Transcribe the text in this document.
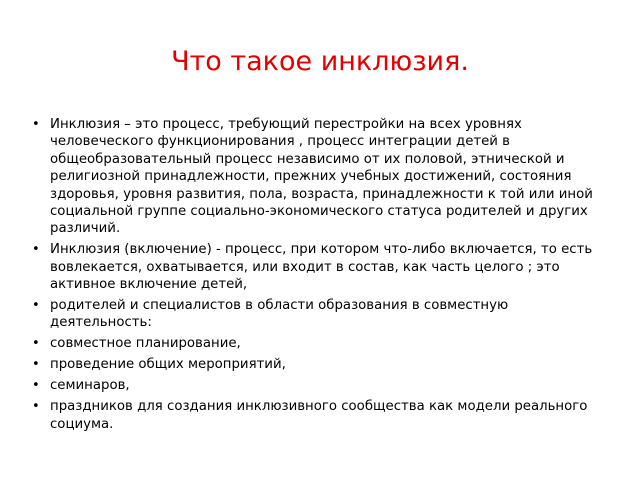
Что такое инклюзия.
• Инклюзия – это процесс, требующий перестройки на всех уровнях человеческого функционирования , процесс интеграции детей в общеобразовательный процесс независимо от их половой, этнической и религиозной принадлежности, прежних учебных достижений, состояния здоровья, уровня развития, пола, возраста, принадлежности к той или иной социальной группе социально-экономического статуса родителей и других различий.
• Инклюзия (включение) - процесс, при котором что-либо включается, то есть вовлекается, охватывается, или входит в состав, как часть целого ; это активное включение детей,
• родителей и специалистов в области образования в совместную деятельность:
• совместное планирование,
• проведение общих мероприятий,
• семинаров,
• праздников для создания инклюзивного сообщества как модели реального социума.
